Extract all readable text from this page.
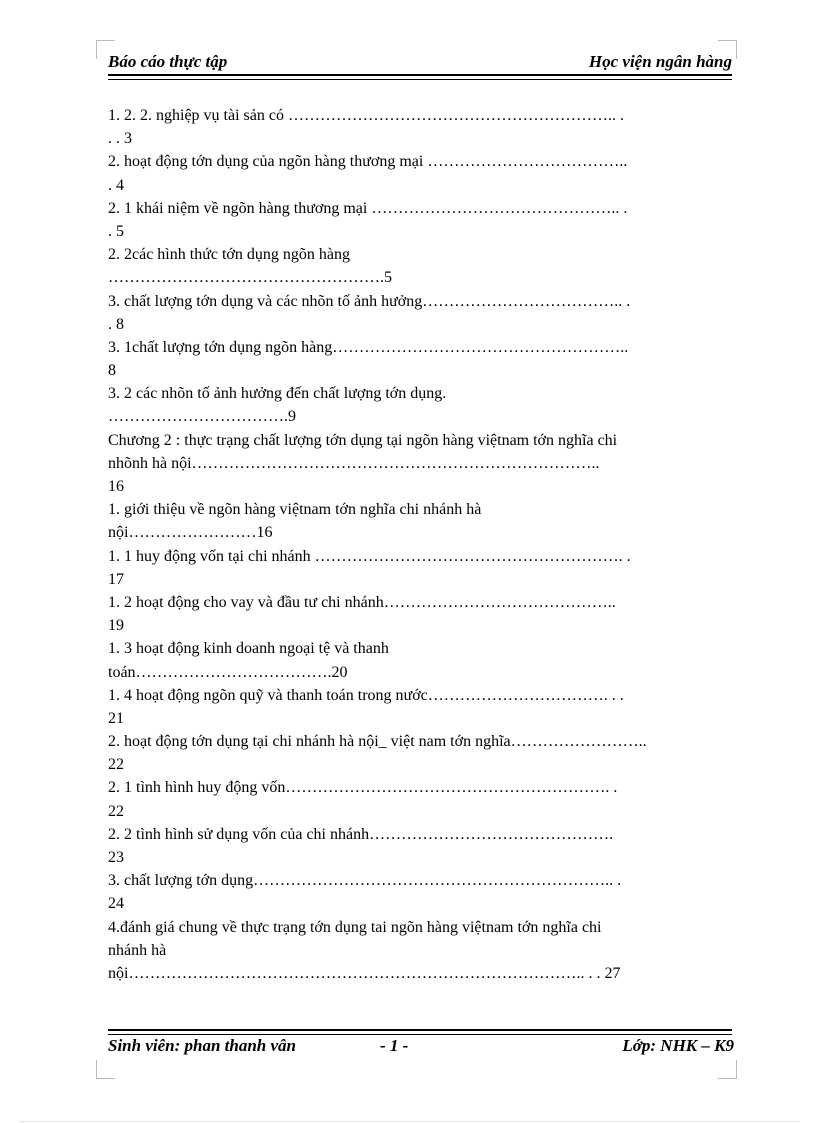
Báo cáo thực tập	Học viện ngân hàng
1. 2. 2. nghiệp vụ tài sản có …………………………………………………….. .
. . 3
2. hoạt động tớn dụng của ngõn hàng thương mại ………………………………..
. 4
2. 1 khái niệm về ngõn hàng thương mại ……………………………………….. .
. 5
2. 2các hình thức tớn dụng ngõn hàng
…………………………………………….5
3. chất lượng tớn dụng và các nhõn tố ảnh hưởng……………………………….. .
. 8
3. 1chất lượng tớn dụng ngõn hàng………………………………………………..
8
3. 2 các nhõn tố ảnh hưởng đến chất lượng tớn dụng.
…………………………….9
Chương 2 : thực trạng chất lượng tớn dụng tại ngõn hàng việtnam tớn nghĩa chi
nhõnh hà nội…………………………………………………………………..
16
1. giới thiệu về ngõn hàng việtnam tớn nghĩa chi nhánh hà
nội……………………16
1. 1 huy động vốn tại chi nhánh …………………………………………………. .
17
1. 2 hoạt động cho vay và đầu tư chi nhánh……………………………………..
19
1. 3 hoạt động kinh doanh ngoại tệ và thanh
toán……………………………….20
1. 4 hoạt động ngõn quỹ và thanh toán trong nước……………………………. . .
21
2. hoạt động tớn dụng tại chi nhánh hà nội_ việt nam tớn nghĩa……………………..
22
2. 1 tình hình huy động vốn……………………………………………………. .
22
2. 2 tình hình sử dụng vốn của chi nhánh……………………………………….
23
3. chất lượng tớn dụng………………………………………………………….. .
24
4.đánh giá chung về thực trạng tớn dụng tai ngõn hàng việtnam tớn nghĩa chi
nhánh hà
nội………………………………………………………………………….. . . 27
Sinh viên: phan thanh vân	- 1 -	Lớp: NHK – K9
